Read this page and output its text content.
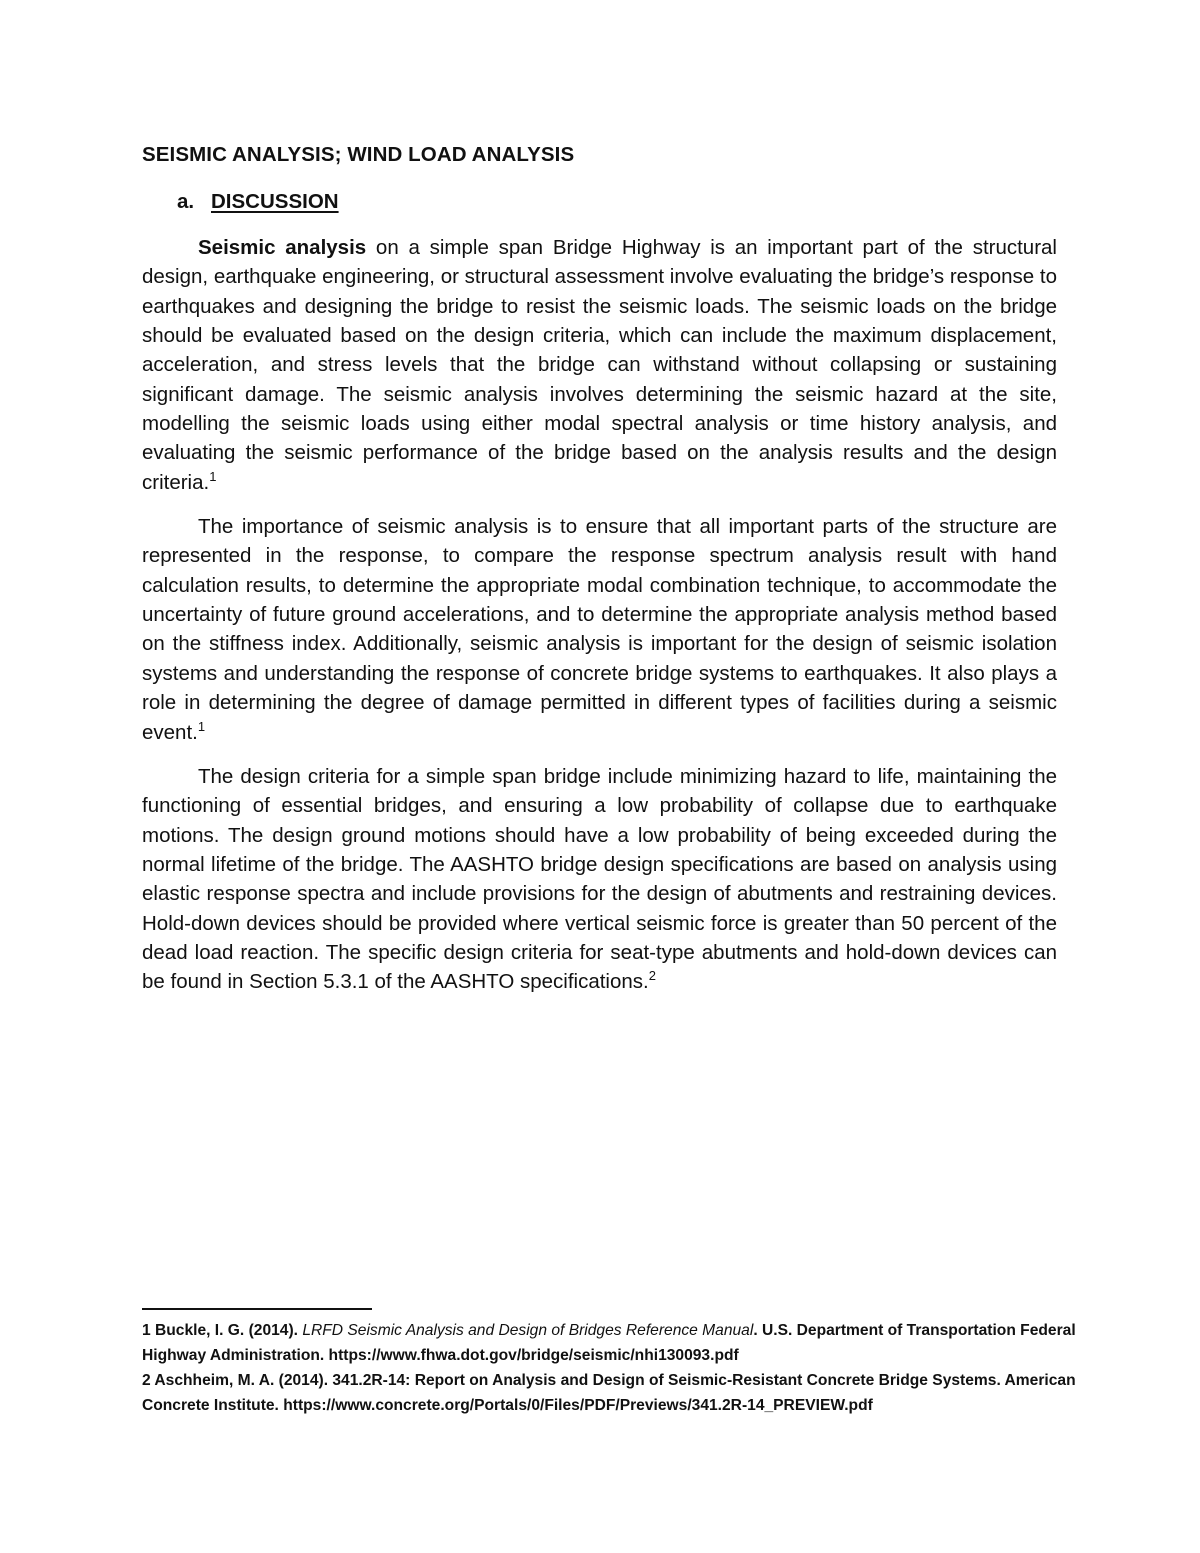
SEISMIC ANALYSIS; WIND LOAD ANALYSIS
a. DISCUSSION

Seismic analysis on a simple span Bridge Highway is an important part of the structural design, earthquake engineering, or structural assessment involve evaluating the bridge’s response to earthquakes and designing the bridge to resist the seismic loads. The seismic loads on the bridge should be evaluated based on the design criteria, which can include the maximum displacement, acceleration, and stress levels that the bridge can withstand without collapsing or sustaining significant damage. The seismic analysis involves determining the seismic hazard at the site, modelling the seismic loads using either modal spectral analysis or time history analysis, and evaluating the seismic performance of the bridge based on the analysis results and the design criteria.$^1$

The importance of seismic analysis is to ensure that all important parts of the structure are represented in the response, to compare the response spectrum analysis result with hand calculation results, to determine the appropriate modal combination technique, to accommodate the uncertainty of future ground accelerations, and to determine the appropriate analysis method based on the stiffness index. Additionally, seismic analysis is important for the design of seismic isolation systems and understanding the response of concrete bridge systems to earthquakes. It also plays a role in determining the degree of damage permitted in different types of facilities during a seismic event.$^1$

The design criteria for a simple span bridge include minimizing hazard to life, maintaining the functioning of essential bridges, and ensuring a low probability of collapse due to earthquake motions. The design ground motions should have a low probability of being exceeded during the normal lifetime of the bridge. The AASHTO bridge design specifications are based on analysis using elastic response spectra and include provisions for the design of abutments and restraining devices. Hold-down devices should be provided where vertical seismic force is greater than 50 percent of the dead load reaction. The specific design criteria for seat-type abutments and hold-down devices can be found in Section 5.3.1 of the AASHTO specifications.$^2$

1 Buckle, I. G. (2014). LRFD Seismic Analysis and Design of Bridges Reference Manual. U.S. Department of Transportation Federal Highway Administration. https://www.fhwa.dot.gov/bridge/seismic/nhi130093.pdf

2 Aschheim, M. A. (2014). 341.2R-14: Report on Analysis and Design of Seismic-Resistant Concrete Bridge Systems. American Concrete Institute. https://www.concrete.org/Portals/0/Files/PDF/Previews/341.2R-14_PREVIEW.pdf
